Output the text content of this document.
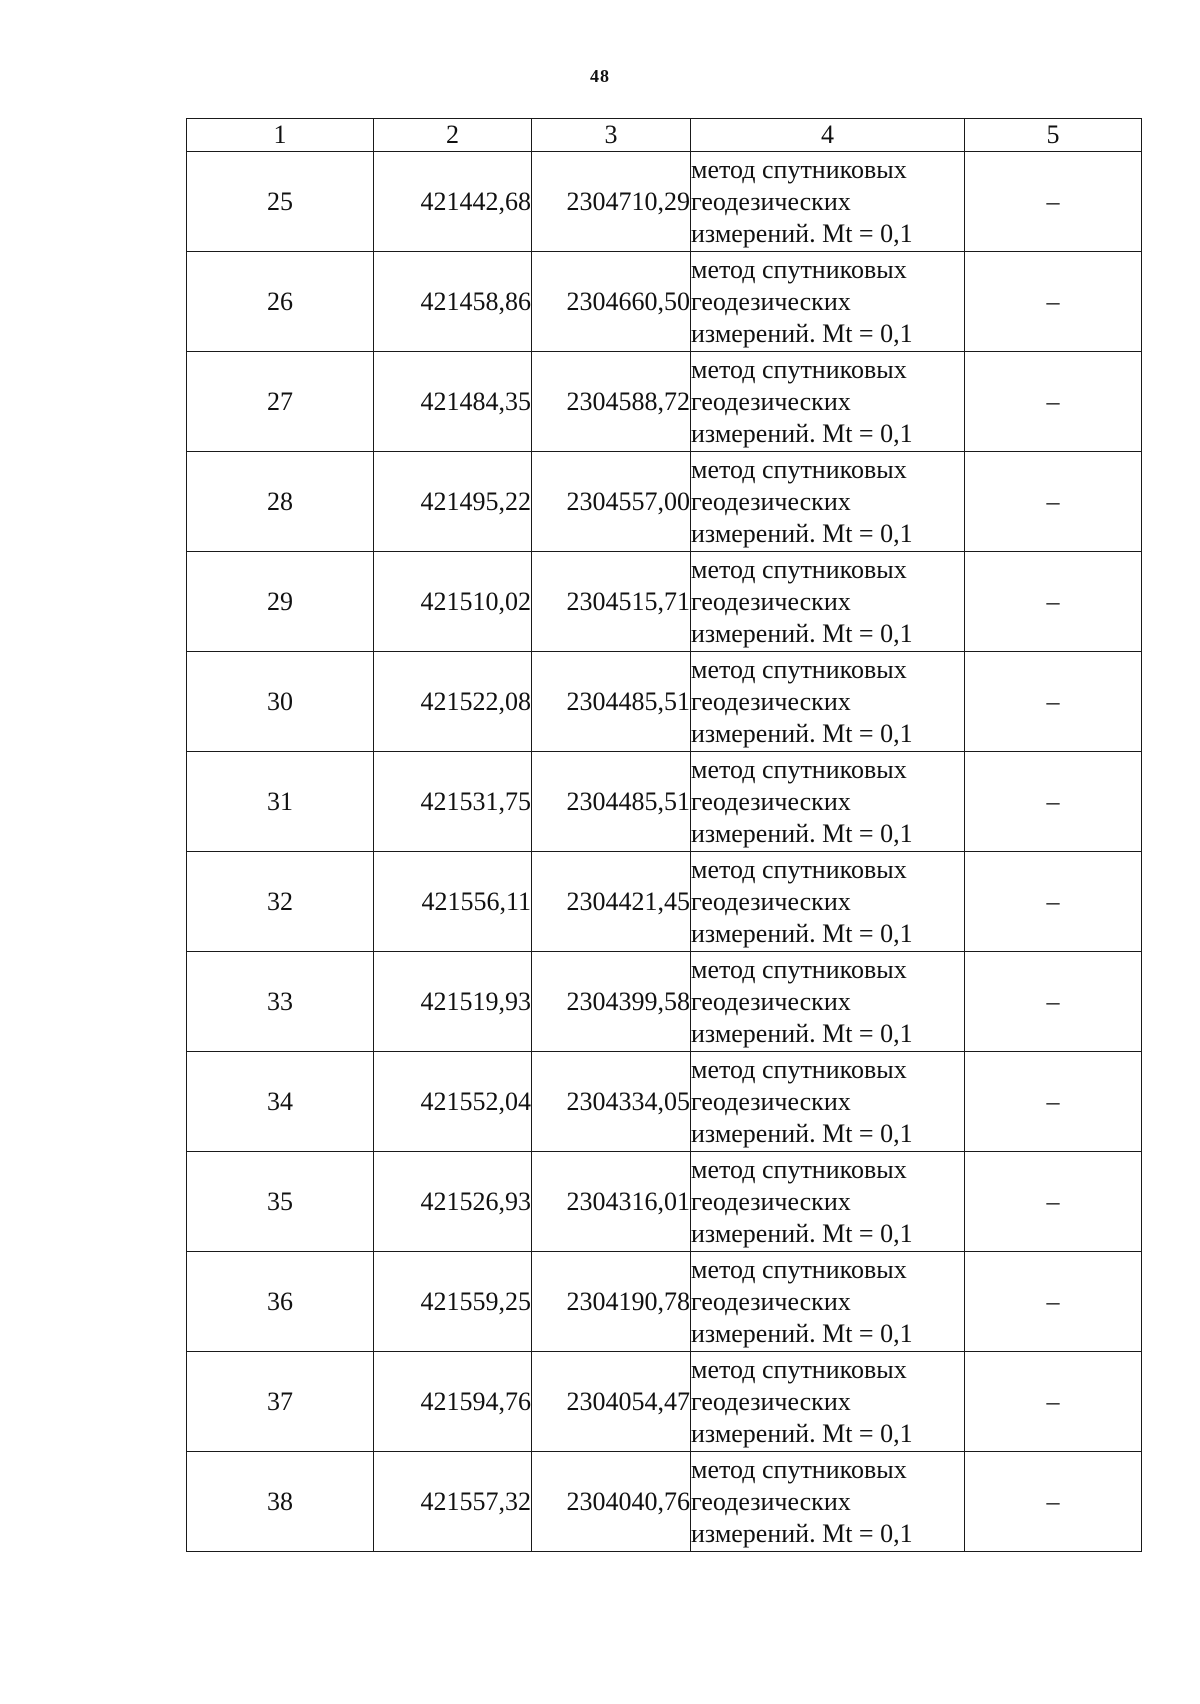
48
1	2	3	4	5
25	421442,68	2304710,29	метод спутниковых
геодезических
измерений. Mt = 0,1	–
26	421458,86	2304660,50	метод спутниковых
геодезических
измерений. Mt = 0,1	–
27	421484,35	2304588,72	метод спутниковых
геодезических
измерений. Mt = 0,1	–
28	421495,22	2304557,00	метод спутниковых
геодезических
измерений. Mt = 0,1	–
29	421510,02	2304515,71	метод спутниковых
геодезических
измерений. Mt = 0,1	–
30	421522,08	2304485,51	метод спутниковых
геодезических
измерений. Mt = 0,1	–
31	421531,75	2304485,51	метод спутниковых
геодезических
измерений. Mt = 0,1	–
32	421556,11	2304421,45	метод спутниковых
геодезических
измерений. Mt = 0,1	–
33	421519,93	2304399,58	метод спутниковых
геодезических
измерений. Mt = 0,1	–
34	421552,04	2304334,05	метод спутниковых
геодезических
измерений. Mt = 0,1	–
35	421526,93	2304316,01	метод спутниковых
геодезических
измерений. Mt = 0,1	–
36	421559,25	2304190,78	метод спутниковых
геодезических
измерений. Mt = 0,1	–
37	421594,76	2304054,47	метод спутниковых
геодезических
измерений. Mt = 0,1	–
38	421557,32	2304040,76	метод спутниковых
геодезических
измерений. Mt = 0,1	–
